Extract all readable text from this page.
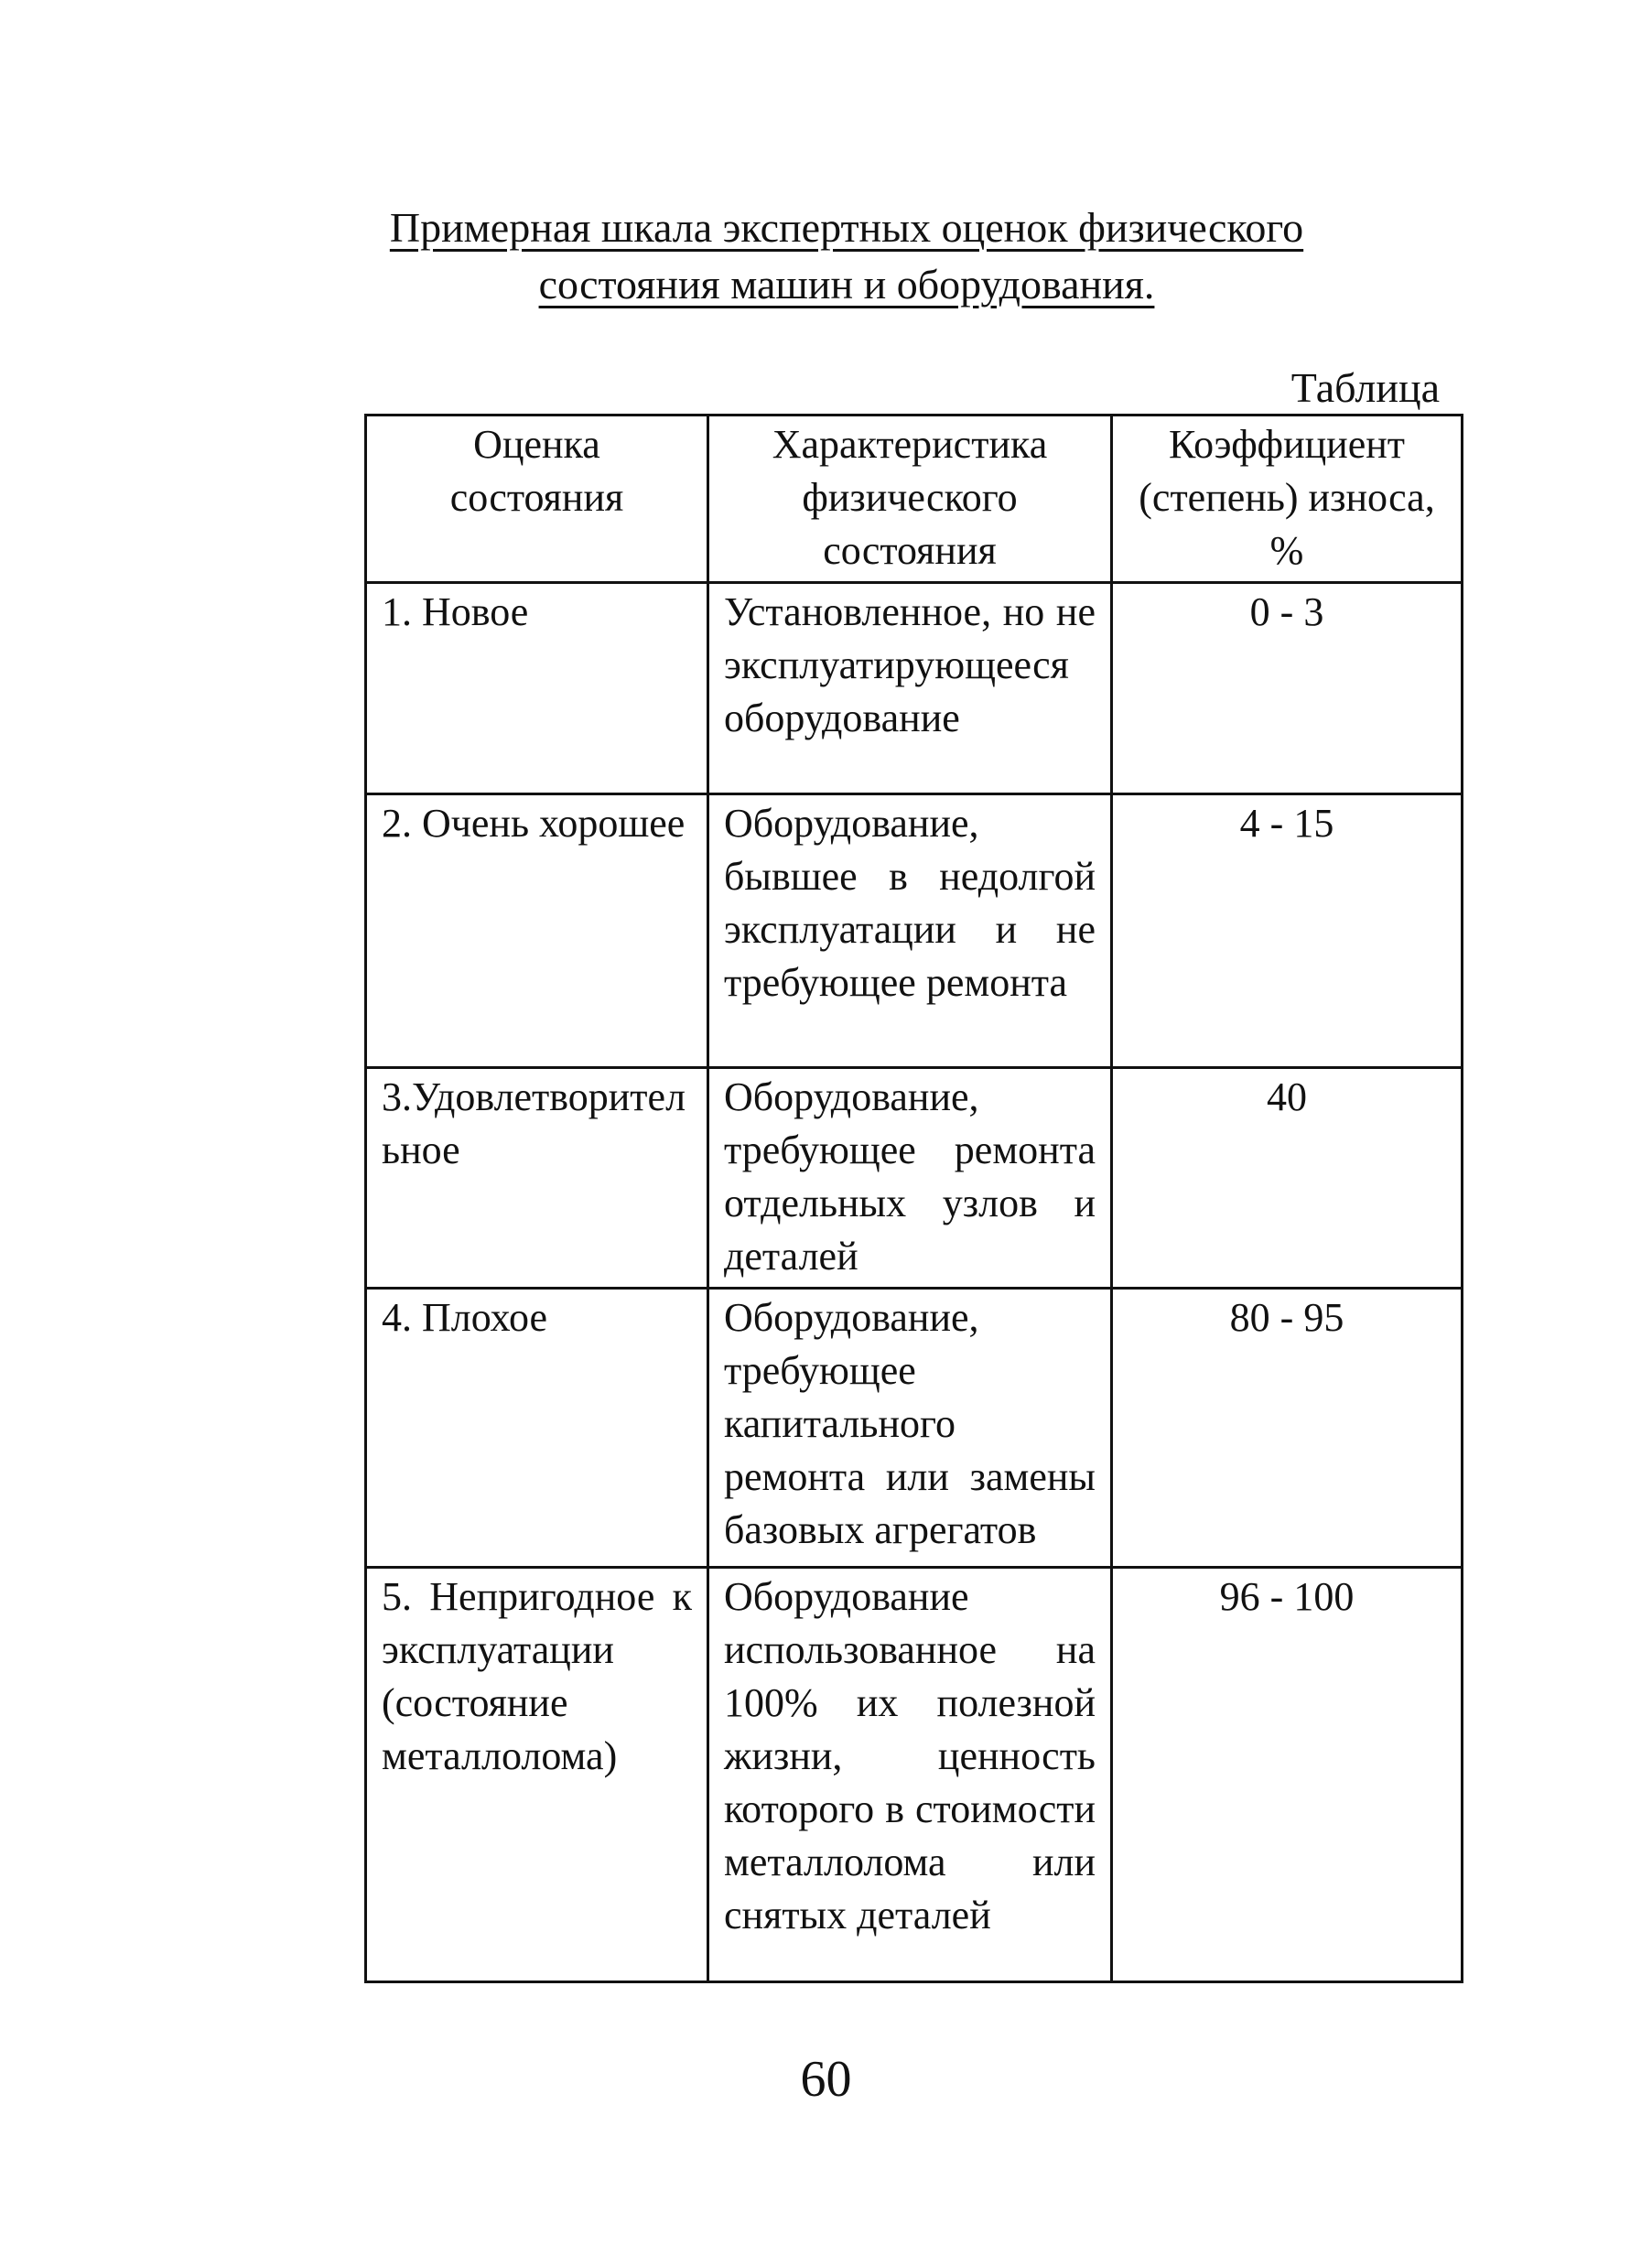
Примерная шкала экспертных оценок физического
состояния машин и оборудования.
Таблица
Оценка состояния	Характеристика физического состояния	Коэффициент (степень) износа, %
1. Новое	Установленное, но не эксплуатирующееся оборудование	0 - 3
2. Очень хорошее	Оборудование, бывшее в недолгой эксплуатации и не требующее ремонта	4 - 15
3.Удовлетворительное	Оборудование, требующее ремонта отдельных узлов и деталей	40
4. Плохое	Оборудование, требующее капитального ремонта или замены базовых агрегатов	80 - 95
5. Непригодное к эксплуатации (состояние металлолома)	Оборудование использованное на 100% их полезной жизни, ценность которого в стоимости металлолома или снятых деталей	96 - 100
60
